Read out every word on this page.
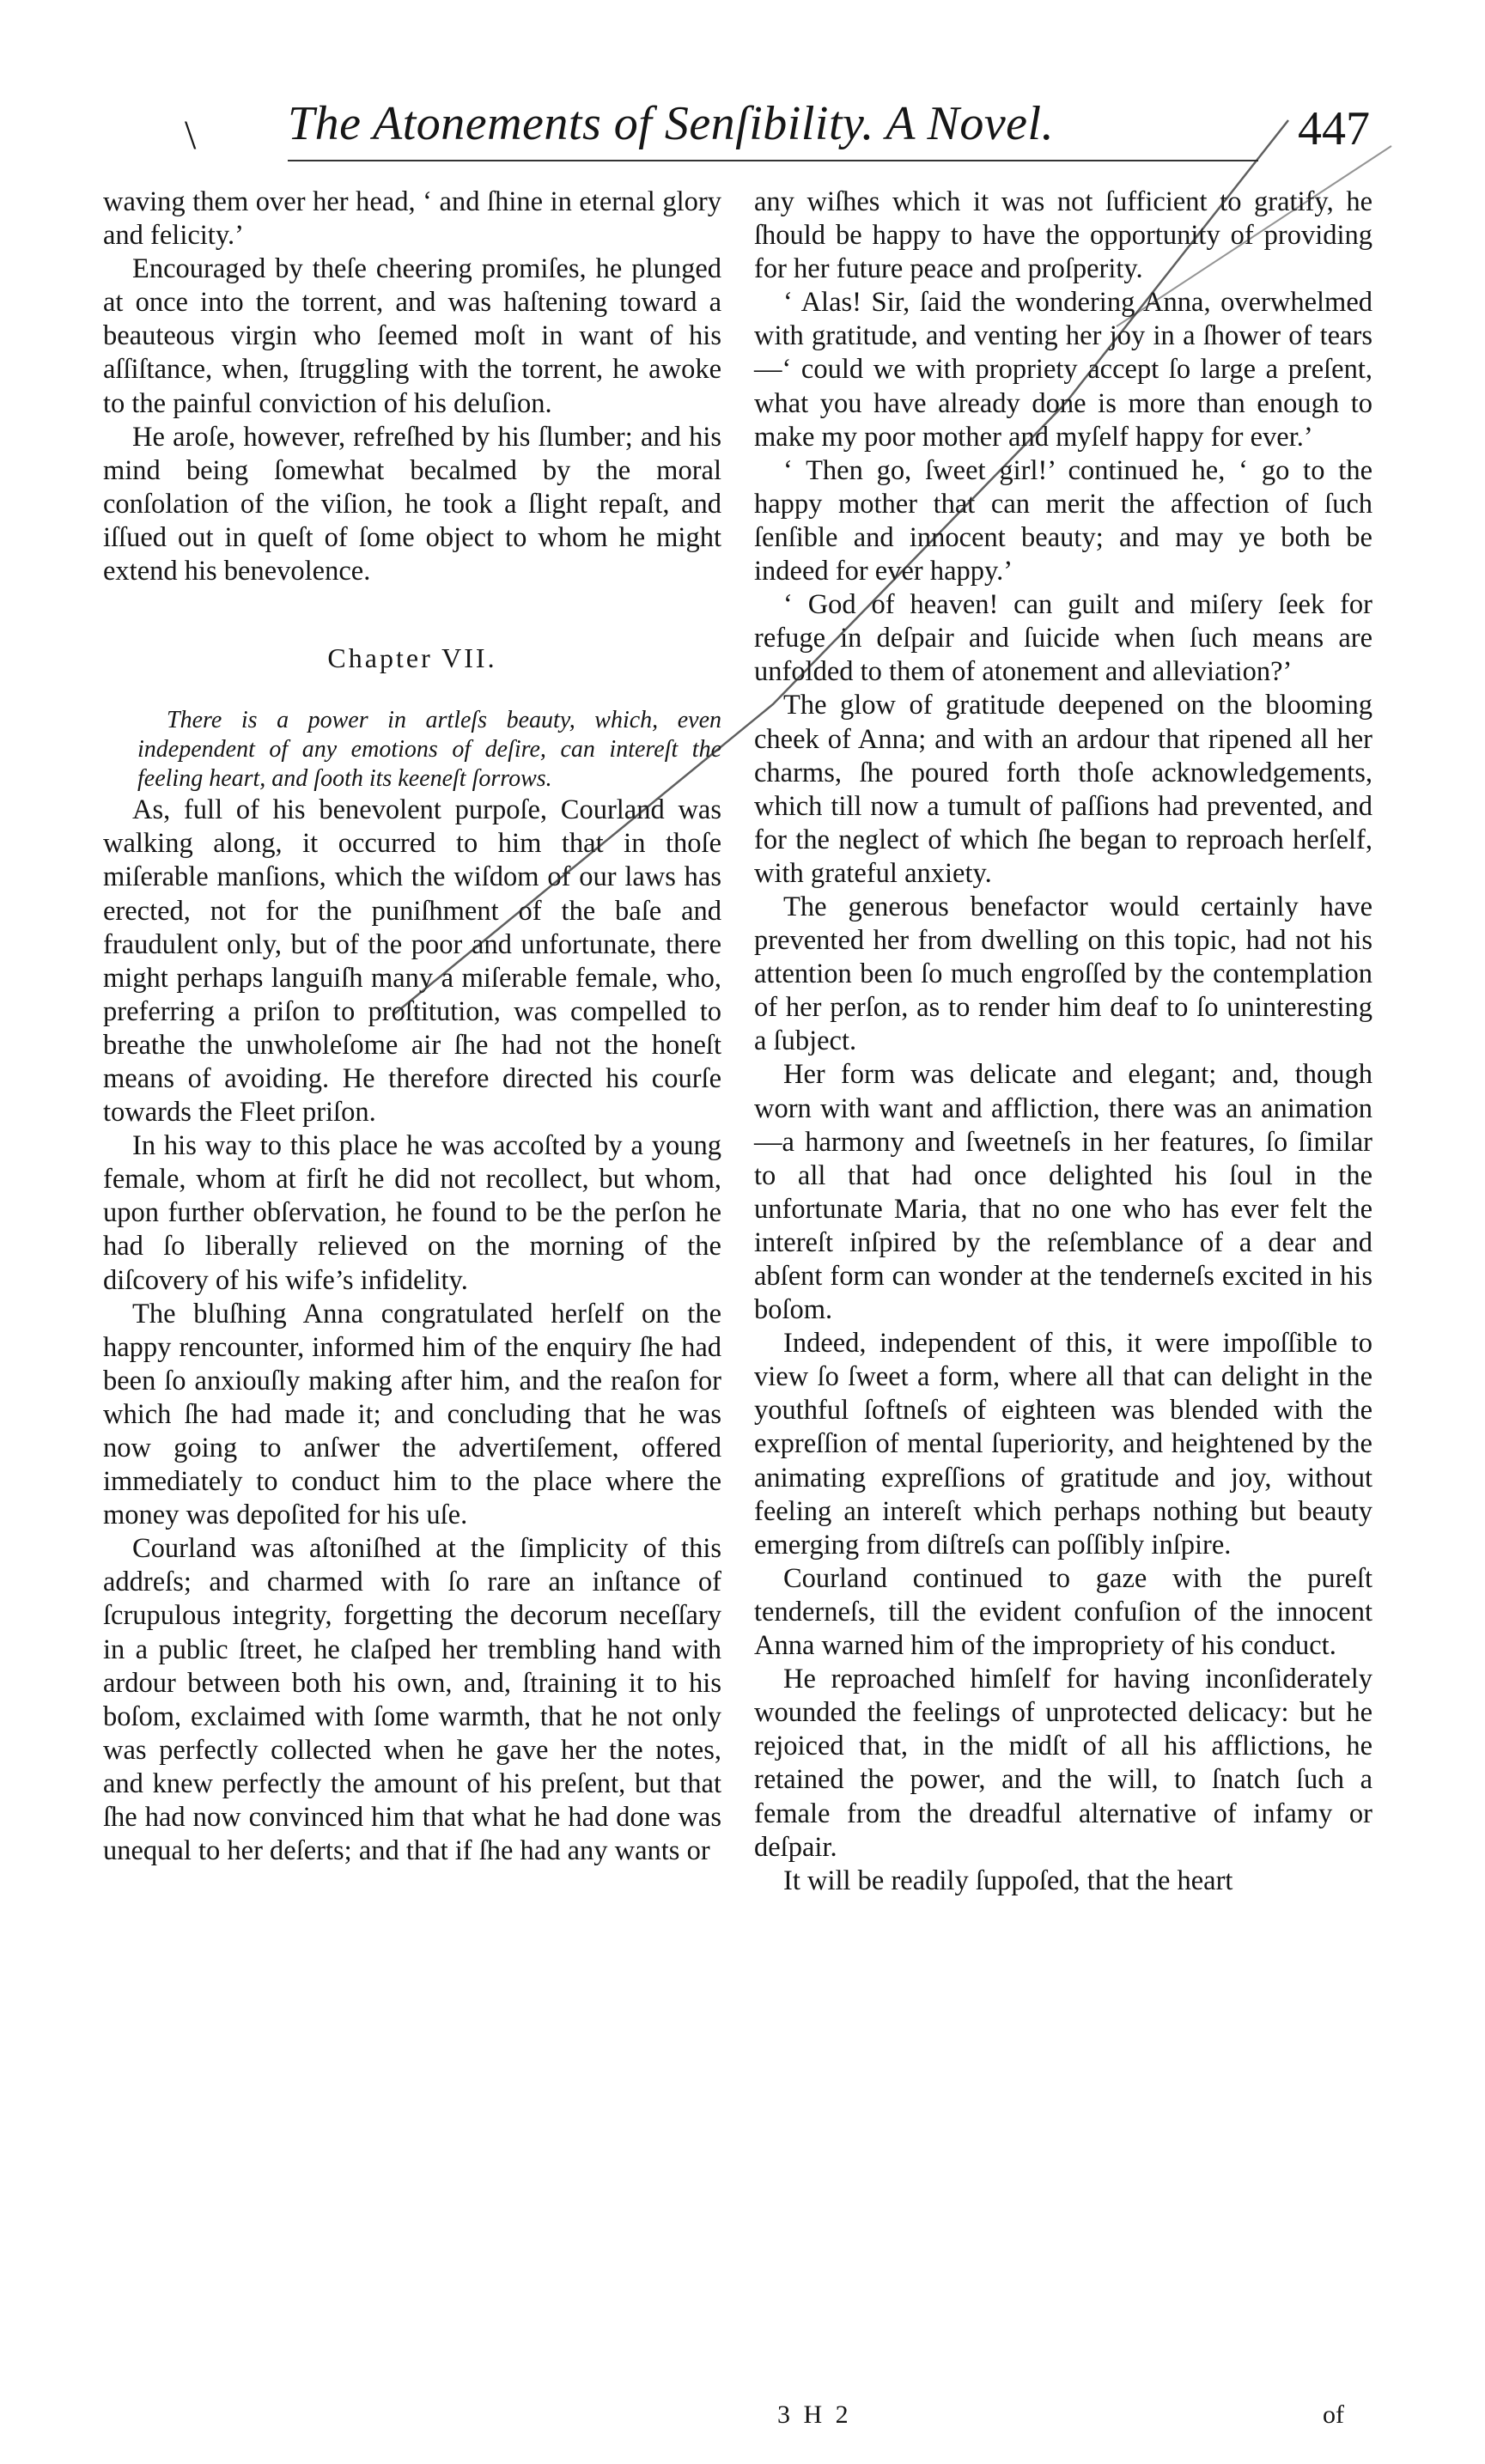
\ The Atonements of Senſibility. A Novel.	447

waving them over her head, ‘ and ſhine in eternal glory and felicity.’

Encouraged by theſe cheering promiſes, he plunged at once into the torrent, and was haſtening toward a beauteous virgin who ſeemed moſt in want of his aſſiſtance, when, ſtruggling with the torrent, he awoke to the painful conviction of his deluſion.

He aroſe, however, refreſhed by his ſlumber; and his mind being ſomewhat becalmed by the moral conſolation of the viſion, he took a ſlight repaſt, and iſſued out in queſt of ſome object to whom he might extend his benevolence.

Chapter VII.

There is a power in artleſs beauty, which, even independent of any emotions of deſire, can intereſt the feeling heart, and ſooth its keeneſt ſorrows.

As, full of his benevolent purpoſe, Courland was walking along, it occurred to him that in thoſe miſerable manſions, which the wiſdom of our laws has erected, not for the puniſhment of the baſe and fraudulent only, but of the poor and unfortunate, there might perhaps languiſh many a miſerable female, who, preferring a priſon to proſtitution, was compelled to breathe the unwholeſome air ſhe had not the honeſt means of avoiding. He therefore directed his courſe towards the Fleet priſon.

In his way to this place he was accoſted by a young female, whom at firſt he did not recollect, but whom, upon further obſervation, he found to be the perſon he had ſo liberally relieved on the morning of the diſcovery of his wife’s infidelity.

The bluſhing Anna congratulated herſelf on the happy rencounter, informed him of the enquiry ſhe had been ſo anxiouſly making after him, and the reaſon for which ſhe had made it; and concluding that he was now going to anſwer the advertiſement, offered immediately to conduct him to the place where the money was depoſited for his uſe.

Courland was aſtoniſhed at the ſimplicity of this addreſs; and charmed with ſo rare an inſtance of ſcrupulous integrity, forgetting the decorum neceſſary in a public ſtreet, he claſped her trembling hand with ardour between both his own, and, ſtraining it to his boſom, exclaimed with ſome warmth, that he not only was perfectly collected when he gave her the notes, and knew perfectly the amount of his preſent, but that ſhe had now convinced him that what he had done was unequal to her deſerts; and that if ſhe had any wants or

any wiſhes which it was not ſufficient to gratify, he ſhould be happy to have the opportunity of providing for her future peace and proſperity.

‘ Alas! Sir, ſaid the wondering Anna, overwhelmed with gratitude, and venting her joy in a ſhower of tears—‘ could we with propriety accept ſo large a preſent, what you have already done is more than enough to make my poor mother and myſelf happy for ever.’

‘ Then go, ſweet girl!’ continued he, ‘ go to the happy mother that can merit the affection of ſuch ſenſible and innocent beauty; and may ye both be indeed for ever happy.’

‘ God of heaven! can guilt and miſery ſeek for refuge in deſpair and ſuicide when ſuch means are unfolded to them of atonement and alleviation?’

The glow of gratitude deepened on the blooming cheek of Anna; and with an ardour that ripened all her charms, ſhe poured forth thoſe acknowledgements, which till now a tumult of paſſions had prevented, and for the neglect of which ſhe began to reproach herſelf, with grateful anxiety.

The generous benefactor would certainly have prevented her from dwelling on this topic, had not his attention been ſo much engroſſed by the contemplation of her perſon, as to render him deaf to ſo uninteresting a ſubject.

Her form was delicate and elegant; and, though worn with want and affliction, there was an animation—a harmony and ſweetneſs in her features, ſo ſimilar to all that had once delighted his ſoul in the unfortunate Maria, that no one who has ever felt the intereſt inſpired by the reſemblance of a dear and abſent form can wonder at the tenderneſs excited in his boſom.

Indeed, independent of this, it were impoſſible to view ſo ſweet a form, where all that can delight in the youthful ſoftneſs of eighteen was blended with the expreſſion of mental ſuperiority, and heightened by the animating expreſſions of gratitude and joy, without feeling an intereſt which perhaps nothing but beauty emerging from diſtreſs can poſſibly inſpire.

Courland continued to gaze with the pureſt tenderneſs, till the evident confuſion of the innocent Anna warned him of the impropriety of his conduct.

He reproached himſelf for having inconſiderately wounded the feelings of unprotected delicacy: but he rejoiced that, in the midſt of all his afflictions, he retained the power, and the will, to ſnatch ſuch a female from the dreadful alternative of infamy or deſpair.

It will be readily ſuppoſed, that the heart

3 H 2	of
